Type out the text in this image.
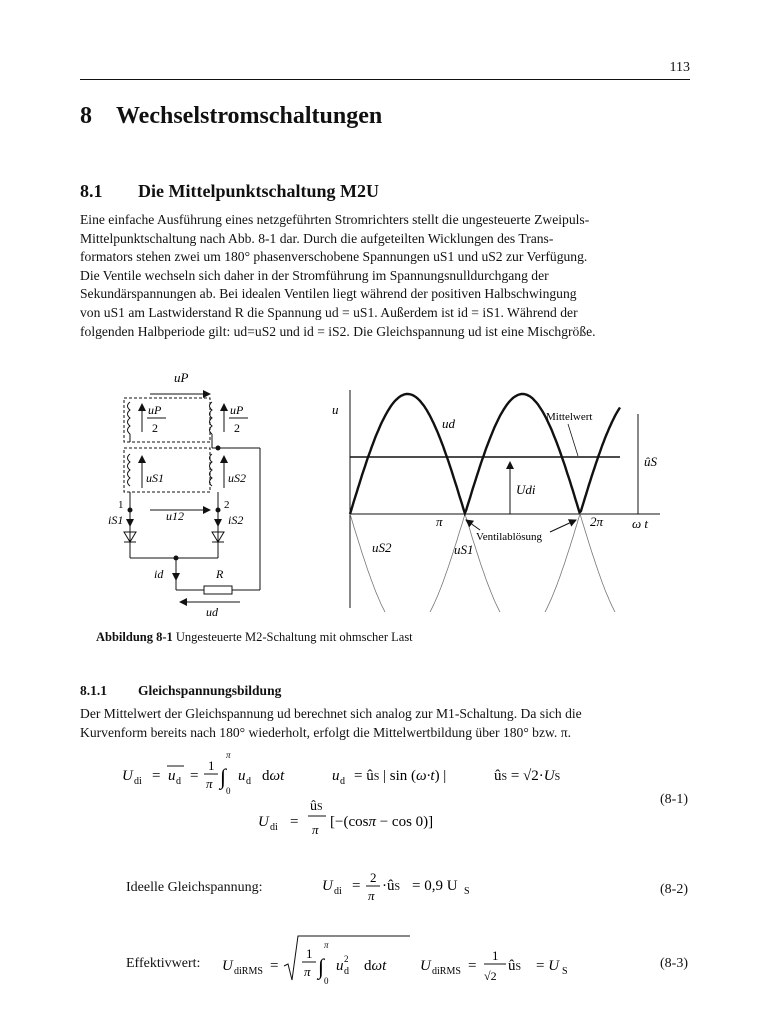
113
8 Wechselstromschaltungen
8.1 Die Mittelpunktschaltung M2U

Eine einfache Ausführung eines netzgeführten Stromrichters stellt die ungesteuerte Zweipuls-

Mittelpunktschaltung nach Abb. 8-1 dar. Durch die aufgeteilten Wicklungen des Trans-

formators stehen zwei um 180° phasenverschobene Spannungen uS1 und uS2 zur Verfügung.

Die Ventile wechseln sich daher in der Stromführung im Spannungsnulldurchgang der

Sekundärspannungen ab. Bei idealen Ventilen liegt während der positiven Halbschwingung

von uS1 am Lastwiderstand R die Spannung ud = uS1. Außerdem ist id = iS1. Während der

folgenden Halbperiode gilt: ud=uS2 und id = iS2. Die Gleichspannung ud ist eine Mischgröße.

uP
uP
2
uP
2
uS1	uS2
1	2
iS1	iS2
u12
id	R
ud
u
ud	Mittelwert
ûS
Udi
π	2π ω t
Ventilablösung
uS2	uS1
Abbildung 8-1 Ungesteuerte M2-Schaltung mit ohmscher Last
8.1.1 Gleichspannungsbildung

Der Mittelwert der Gleichspannung ud berechnet sich analog zur M1-Schaltung. Da sich die

Kurvenform bereits nach 180° wiederholt, erfolgt die Mittelwertbildung über 180° bzw. π.

U di = u d =
1
π ∫
π
0
u d dωt	u d = ûS | sin (ω·t) |	ûS = √2·US
U di =
ûS
π [−(cosπ − cos 0)]
(8-1)
Ideelle Gleichspannung:	U di =
2
π
·ûS = 0,9 U S	(8-2)
Effektivwert: U diRMS =
1
π ∫
π
0
u 2
d dωt U diRMS =
1
√2
ûS = U S
(8-3)
